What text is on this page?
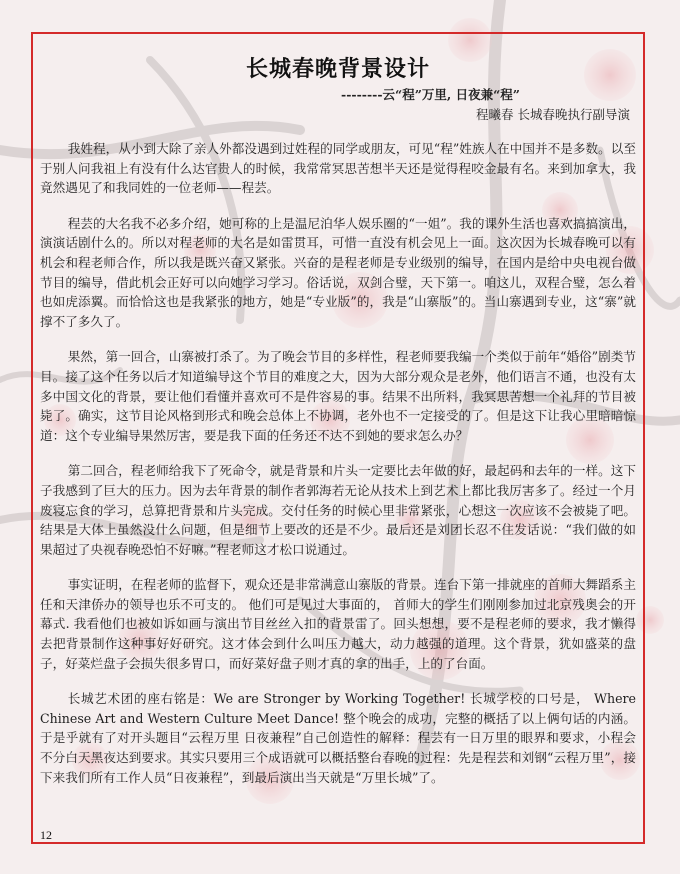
长城春晚背景设计
--------云“程”万里, 日夜兼“程”
程曦春 长城春晚执行副导演

我姓程，从小到大除了亲人外都没遇到过姓程的同学或朋友，可见“程”姓族人在中国并不是多数。以至于别人问我祖上有没有什么达官贵人的时候，我常常冥思苦想半天还是觉得程咬金最有名。来到加拿大，我竟然遇见了和我同姓的一位老师——程芸。

程芸的大名我不必多介绍，她可称的上是温尼泊华人娱乐圈的“一姐”。我的课外生活也喜欢搞搞演出，演演话剧什么的。所以对程老师的大名是如雷贯耳，可惜一直没有机会见上一面。这次因为长城春晚可以有机会和程老师合作，所以我是既兴奋又紧张。兴奋的是程老师是专业级别的编导，在国内是给中央电视台做节目的编导，借此机会正好可以向她学习学习。俗话说，双剑合璧，天下第一。咱这儿，双程合璧，怎么着也如虎添翼。而恰恰这也是我紧张的地方，她是“专业版”的，我是“山寨版”的。当山寨遇到专业，这“寨”就撑不了多久了。

果然，第一回合，山寨被打杀了。为了晚会节目的多样性，程老师要我编一个类似于前年“婚俗”剧类节目。接了这个任务以后才知道编导这个节目的难度之大，因为大部分观众是老外，他们语言不通，也没有太多中国文化的背景，要让他们看懂并喜欢可不是件容易的事。结果不出所料，我冥思苦想一个礼拜的节目被毙了。确实，这节目论风格到形式和晚会总体上不协调，老外也不一定接受的了。但是这下让我心里暗暗惊道：这个专业编导果然厉害，要是我下面的任务还不达不到她的要求怎么办？

第二回合，程老师给我下了死命令，就是背景和片头一定要比去年做的好，最起码和去年的一样。这下子我感到了巨大的压力。因为去年背景的制作者郭海若无论从技术上到艺术上都比我厉害多了。经过一个月废寝忘食的学习，总算把背景和片头完成。交付任务的时候心里非常紧张，心想这一次应该不会被毙了吧。结果是大体上虽然没什么问题，但是细节上要改的还是不少。最后还是刘团长忍不住发话说：“我们做的如果超过了央视春晚恐怕不好嘛。”程老师这才松口说通过。

事实证明，在程老师的监督下，观众还是非常满意山寨版的背景。连台下第一排就座的首师大舞蹈系主任和天津侨办的领导也乐不可支的。 他们可是见过大事面的， 首师大的学生们刚刚参加过北京残奥会的开幕式. 我看他们也被如诉如画与演出节目丝丝入扣的背景雷了。回头想想，要不是程老师的要求，我才懒得去把背景制作这种事好好研究。这才体会到什么叫压力越大，动力越强的道理。这个背景，犹如盛菜的盘子，好菜烂盘子会损失很多胃口，而好菜好盘子则才真的拿的出手，上的了台面。

长城艺术团的座右铭是：We are Stronger by Working Together! 长城学校的口号是， Where Chinese Art and Western Culture Meet Dance! 整个晚会的成功，完整的概括了以上俩句话的内涵。于是乎就有了对开头题目“云程万里 日夜兼程”自己创造性的解释：程芸有一日万里的眼界和要求，小程会不分白天黑夜达到要求。其实只要用三个成语就可以概括整台春晚的过程：先是程芸和刘钢“云程万里”，接下来我们所有工作人员“日夜兼程”，到最后演出当天就是“万里长城”了。

12
